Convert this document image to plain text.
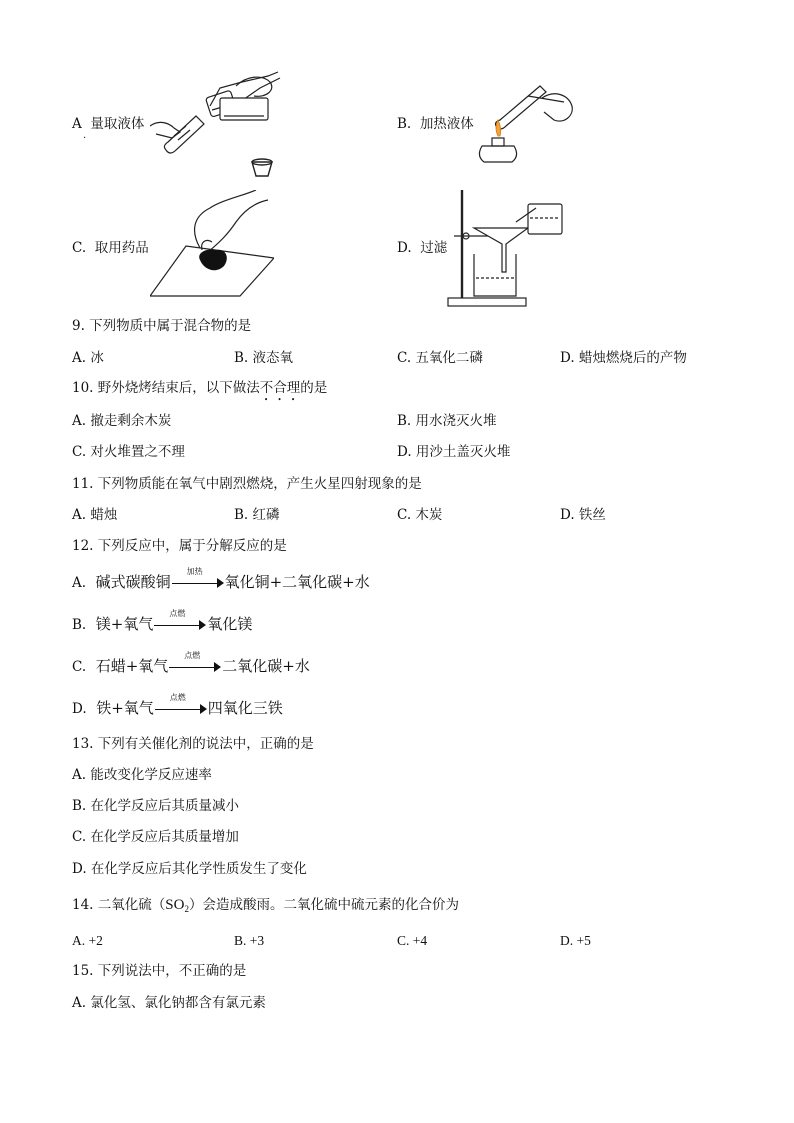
A 量取液体
.
B. 加热液体
C. 取用药品	D. 过滤
9. 下列物质中属于混合物的是
A. 冰	B. 液态氧	C. 五氧化二磷	D. 蜡烛燃烧后的产物
10. 野外烧烤结束后，以下做法不合理的是
A. 撤走剩余木炭	B. 用水浇灭火堆
C. 对火堆置之不理	D. 用沙土盖灭火堆
11. 下列物质能在氧气中剧烈燃烧，产生火星四射现象的是
A. 蜡烛	B. 红磷	C. 木炭	D. 铁丝
12. 下列反应中，属于分解反应的是
A. 碱式碳酸铜
加热
氧化铜+二氧化碳+水
B. 镁+氧气
点燃
氧化镁
C. 石蜡+氧气
点燃
二氧化碳+水
D. 铁+氧气
点燃
四氧化三铁
13. 下列有关催化剂的说法中，正确的是
A. 能改变化学反应速率
B. 在化学反应后其质量减小
C. 在化学反应后其质量增加
D. 在化学反应后其化学性质发生了变化
14. 二氧化硫$(SO_2)$会造成酸雨。二氧化硫中硫元素的化合价为
A. +2	B. +3	C. +4	D. +5
15. 下列说法中，不正确的是
A. 氯化氢、氯化钠都含有氯元素
